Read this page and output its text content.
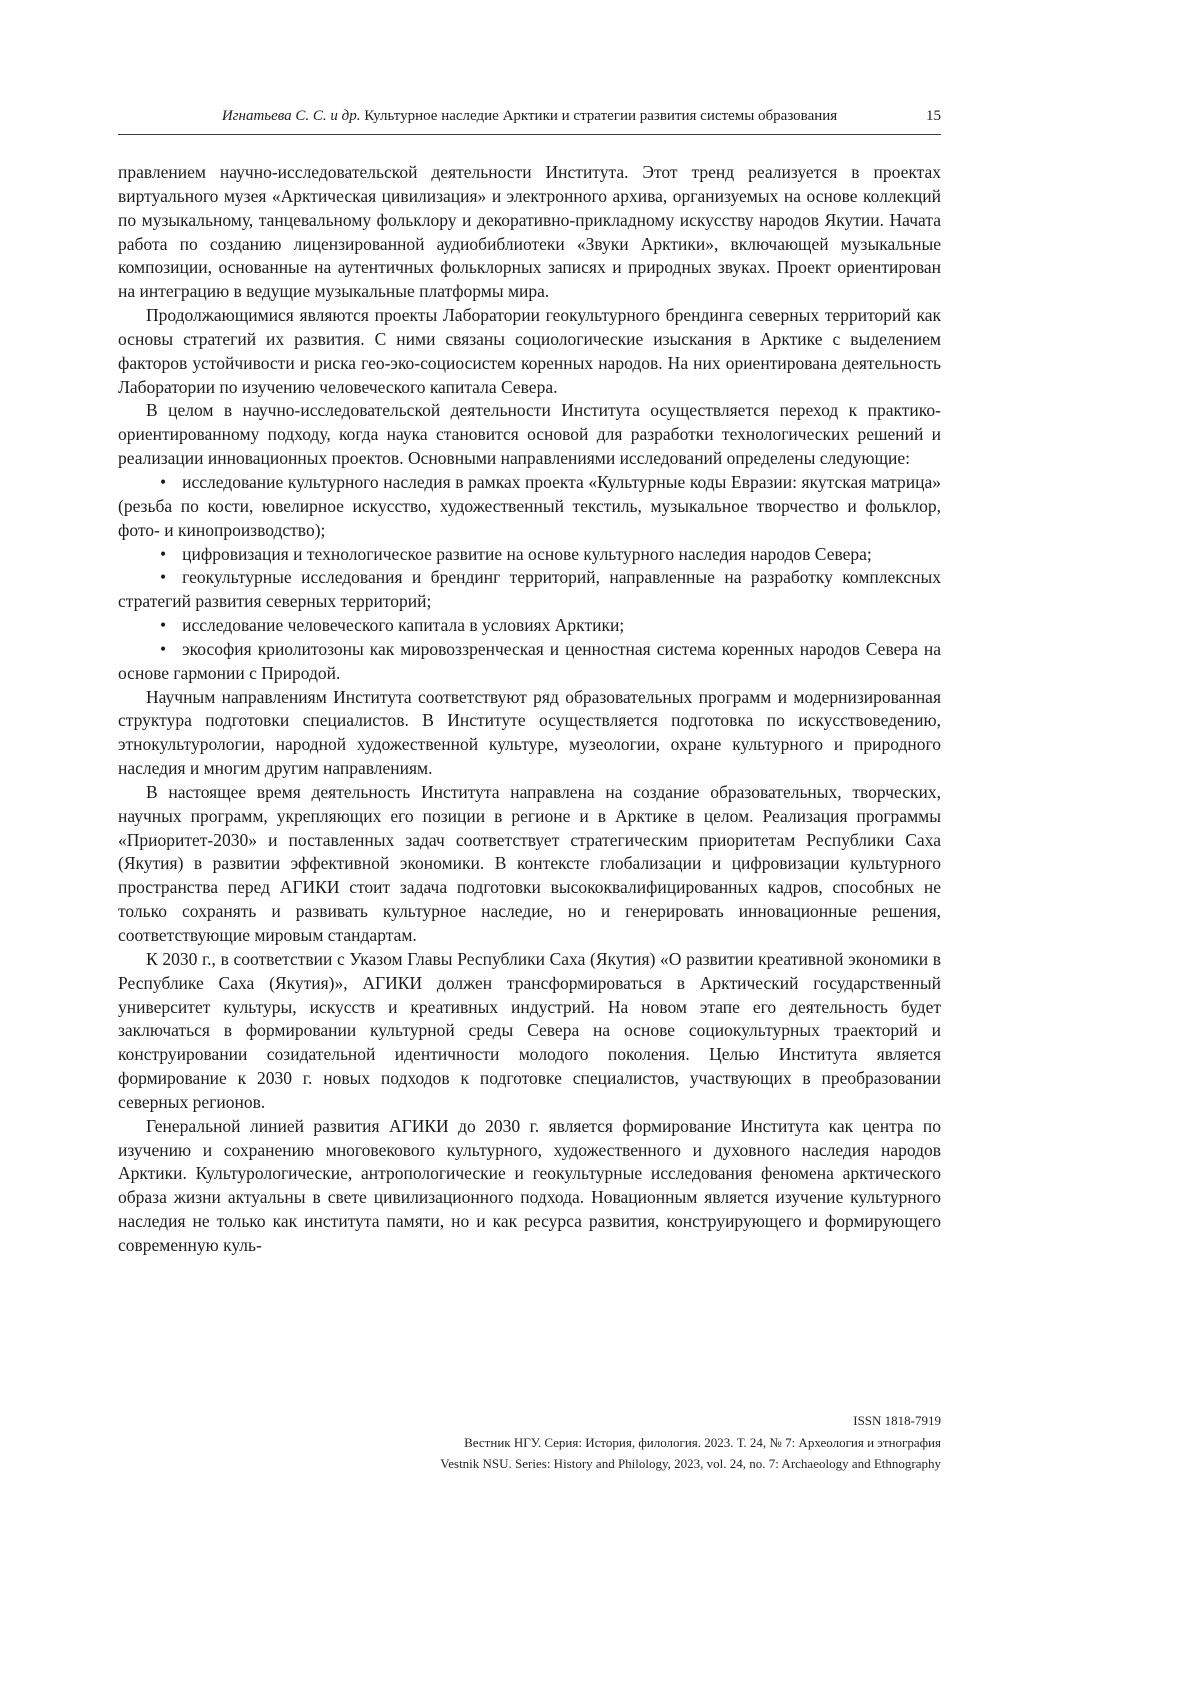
Игнатьева С. С. и др. Культурное наследие Арктики и стратегии развития системы образования	15

правлением научно-исследовательской деятельности Института. Этот тренд реализуется в проектах виртуального музея «Арктическая цивилизация» и электронного архива, организуемых на основе коллекций по музыкальному, танцевальному фольклору и декоративно-прикладному искусству народов Якутии. Начата работа по созданию лицензированной аудиобиблиотеки «Звуки Арктики», включающей музыкальные композиции, основанные на аутентичных фольклорных записях и природных звуках. Проект ориентирован на интеграцию в ведущие музыкальные платформы мира.

Продолжающимися являются проекты Лаборатории геокультурного брендинга северных территорий как основы стратегий их развития. С ними связаны социологические изыскания в Арктике с выделением факторов устойчивости и риска гео-эко-социосистем коренных народов. На них ориентирована деятельность Лаборатории по изучению человеческого капитала Севера.

В целом в научно-исследовательской деятельности Института осуществляется переход к практико-ориентированному подходу, когда наука становится основой для разработки технологических решений и реализации инновационных проектов. Основными направлениями исследований определены следующие:

• исследование культурного наследия в рамках проекта «Культурные коды Евразии: якутская матрица» (резьба по кости, ювелирное искусство, художественный текстиль, музыкальное творчество и фольклор, фото- и кинопроизводство);

• цифровизация и технологическое развитие на основе культурного наследия народов Севера;

• геокультурные исследования и брендинг территорий, направленные на разработку комплексных стратегий развития северных территорий;

• исследование человеческого капитала в условиях Арктики;

• экософия криолитозоны как мировоззренческая и ценностная система коренных народов Севера на основе гармонии с Природой.

Научным направлениям Института соответствуют ряд образовательных программ и модернизированная структура подготовки специалистов. В Институте осуществляется подготовка по искусствоведению, этнокультурологии, народной художественной культуре, музеологии, охране культурного и природного наследия и многим другим направлениям.

В настоящее время деятельность Института направлена на создание образовательных, творческих, научных программ, укрепляющих его позиции в регионе и в Арктике в целом. Реализация программы «Приоритет-2030» и поставленных задач соответствует стратегическим приоритетам Республики Саха (Якутия) в развитии эффективной экономики. В контексте глобализации и цифровизации культурного пространства перед АГИКИ стоит задача подготовки высококвалифицированных кадров, способных не только сохранять и развивать культурное наследие, но и генерировать инновационные решения, соответствующие мировым стандартам.

К 2030 г., в соответствии с Указом Главы Республики Саха (Якутия) «О развитии креативной экономики в Республике Саха (Якутия)», АГИКИ должен трансформироваться в Арктический государственный университет культуры, искусств и креативных индустрий. На новом этапе его деятельность будет заключаться в формировании культурной среды Севера на основе социокультурных траекторий и конструировании созидательной идентичности молодого поколения. Целью Института является формирование к 2030 г. новых подходов к подготовке специалистов, участвующих в преобразовании северных регионов.

Генеральной линией развития АГИКИ до 2030 г. является формирование Института как центра по изучению и сохранению многовекового культурного, художественного и духовного наследия народов Арктики. Культурологические, антропологические и геокультурные исследования феномена арктического образа жизни актуальны в свете цивилизационного подхода. Новационным является изучение культурного наследия не только как института памяти, но и как ресурса развития, конструирующего и формирующего современную куль-

ISSN 1818-7919
Вестник НГУ. Серия: История, филология. 2023. Т. 24, № 7: Археология и этнография
Vestnik NSU. Series: History and Philology, 2023, vol. 24, no. 7: Archaeology and Ethnography
